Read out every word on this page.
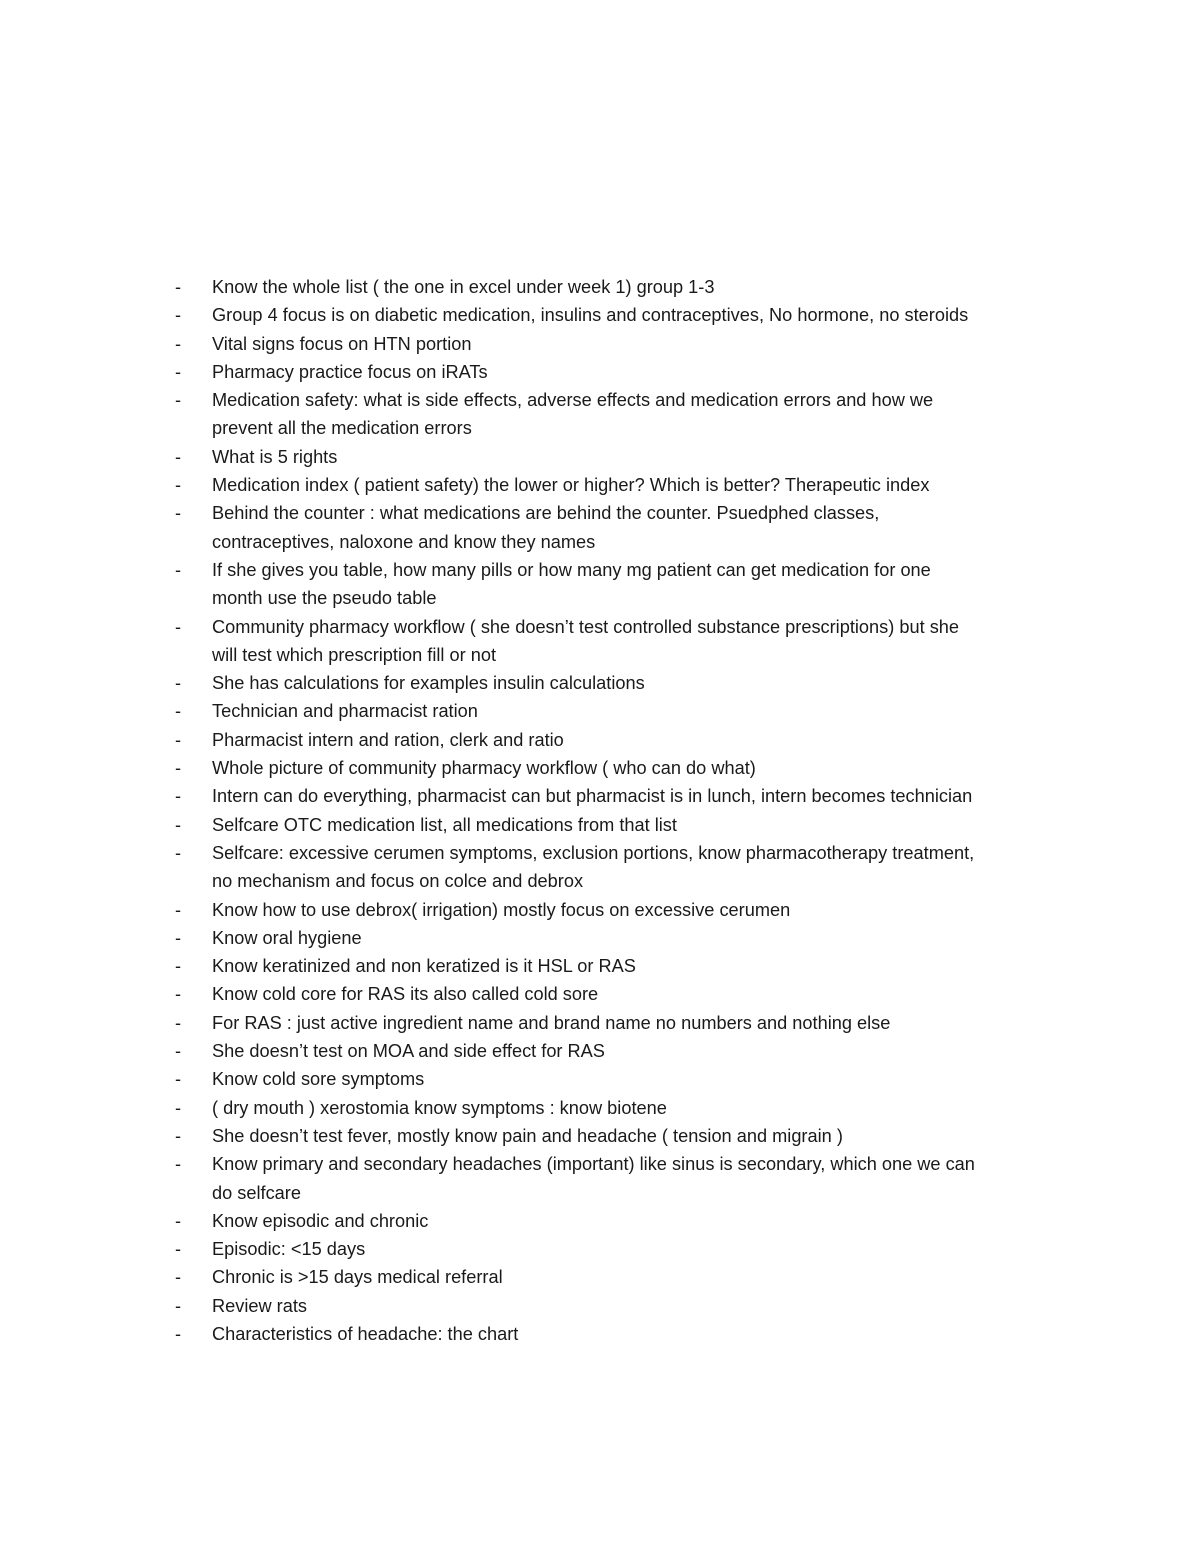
- Know the whole list ( the one in excel under week 1) group 1-3
- Group 4 focus is on diabetic medication, insulins and contraceptives, No hormone, no steroids
- Vital signs focus on HTN portion
- Pharmacy practice focus on iRATs
- Medication safety: what is side effects, adverse effects and medication errors and how we
prevent all the medication errors
- What is 5 rights
- Medication index ( patient safety) the lower or higher? Which is better? Therapeutic index
- Behind the counter : what medications are behind the counter. Psuedphed classes,
contraceptives, naloxone and know they names
- If she gives you table, how many pills or how many mg patient can get medication for one
month use the pseudo table
- Community pharmacy workflow ( she doesn’t test controlled substance prescriptions) but she
will test which prescription fill or not
- She has calculations for examples insulin calculations
- Technician and pharmacist ration
- Pharmacist intern and ration, clerk and ratio
- Whole picture of community pharmacy workflow ( who can do what)
- Intern can do everything, pharmacist can but pharmacist is in lunch, intern becomes technician
- Selfcare OTC medication list, all medications from that list
- Selfcare: excessive cerumen symptoms, exclusion portions, know pharmacotherapy treatment,
no mechanism and focus on colce and debrox
- Know how to use debrox( irrigation) mostly focus on excessive cerumen
- Know oral hygiene
- Know keratinized and non keratized is it HSL or RAS
- Know cold core for RAS its also called cold sore
- For RAS : just active ingredient name and brand name no numbers and nothing else
- She doesn’t test on MOA and side effect for RAS
- Know cold sore symptoms
- ( dry mouth ) xerostomia know symptoms : know biotene
- She doesn’t test fever, mostly know pain and headache ( tension and migrain )
- Know primary and secondary headaches (important) like sinus is secondary, which one we can
do selfcare
- Know episodic and chronic
- Episodic: <15 days
- Chronic is >15 days medical referral
- Review rats
- Characteristics of headache: the chart
